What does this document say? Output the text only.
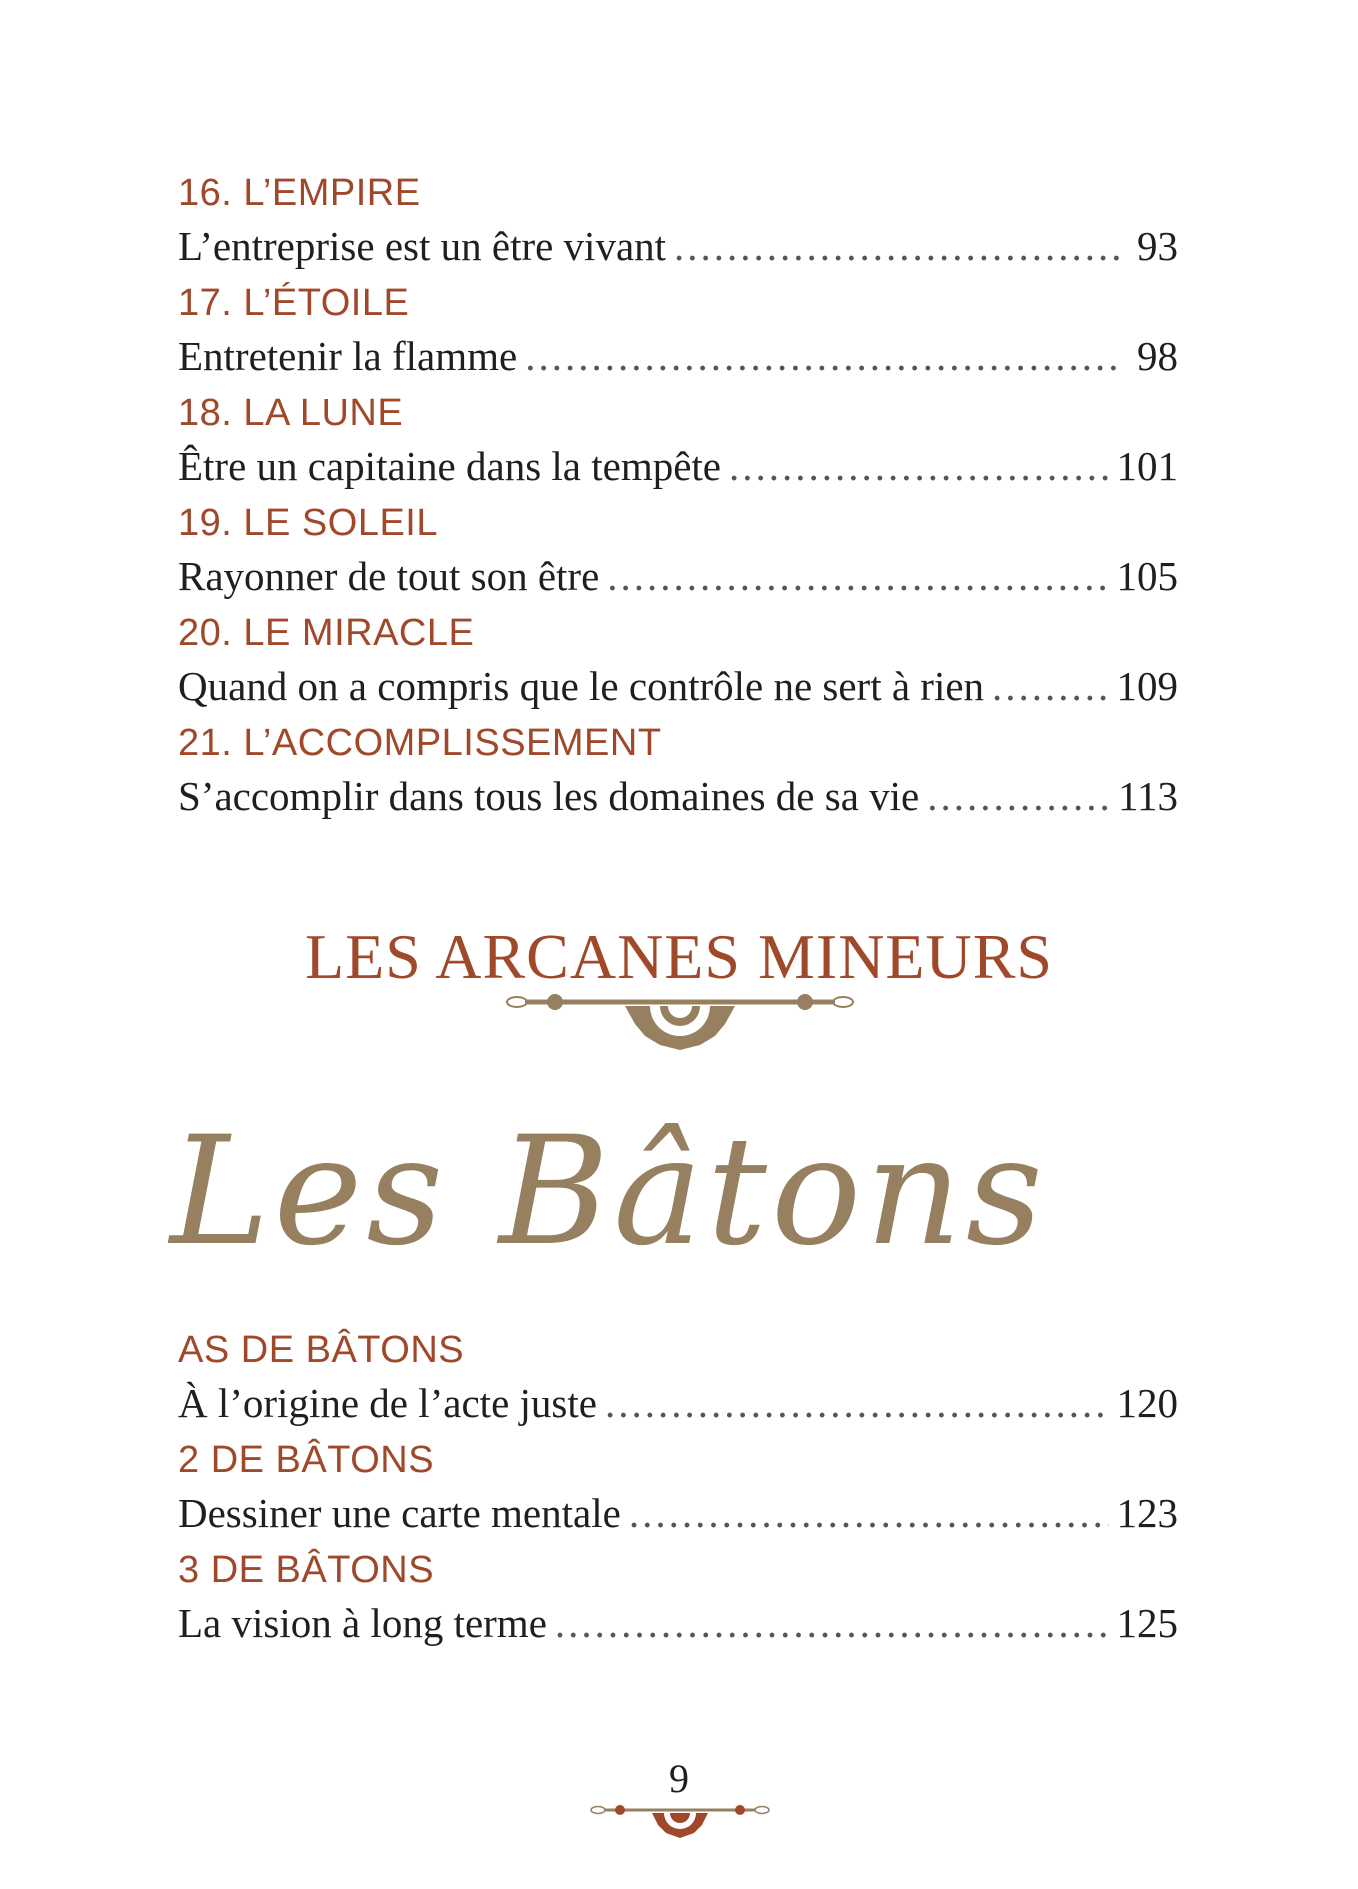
16. L’EMPIRE
L’entreprise est un être vivant .....	93
17. L’ÉTOILE
Entretenir la flamme .....	98
18. LA LUNE
Être un capitaine dans la tempête .....	101
19. LE SOLEIL
Rayonner de tout son être .....	105
20. LE MIRACLE
Quand on a compris que le contrôle ne sert à rien .....	109
21. L’ACCOMPLISSEMENT
S’accomplir dans tous les domaines de sa vie .....	113
LES ARCANES MINEURS
Les Bâtons
AS DE BÂTONS
À l’origine de l’acte juste .....	120
2 DE BÂTONS
Dessiner une carte mentale .....	123
3 DE BÂTONS
La vision à long terme .....	125
9
